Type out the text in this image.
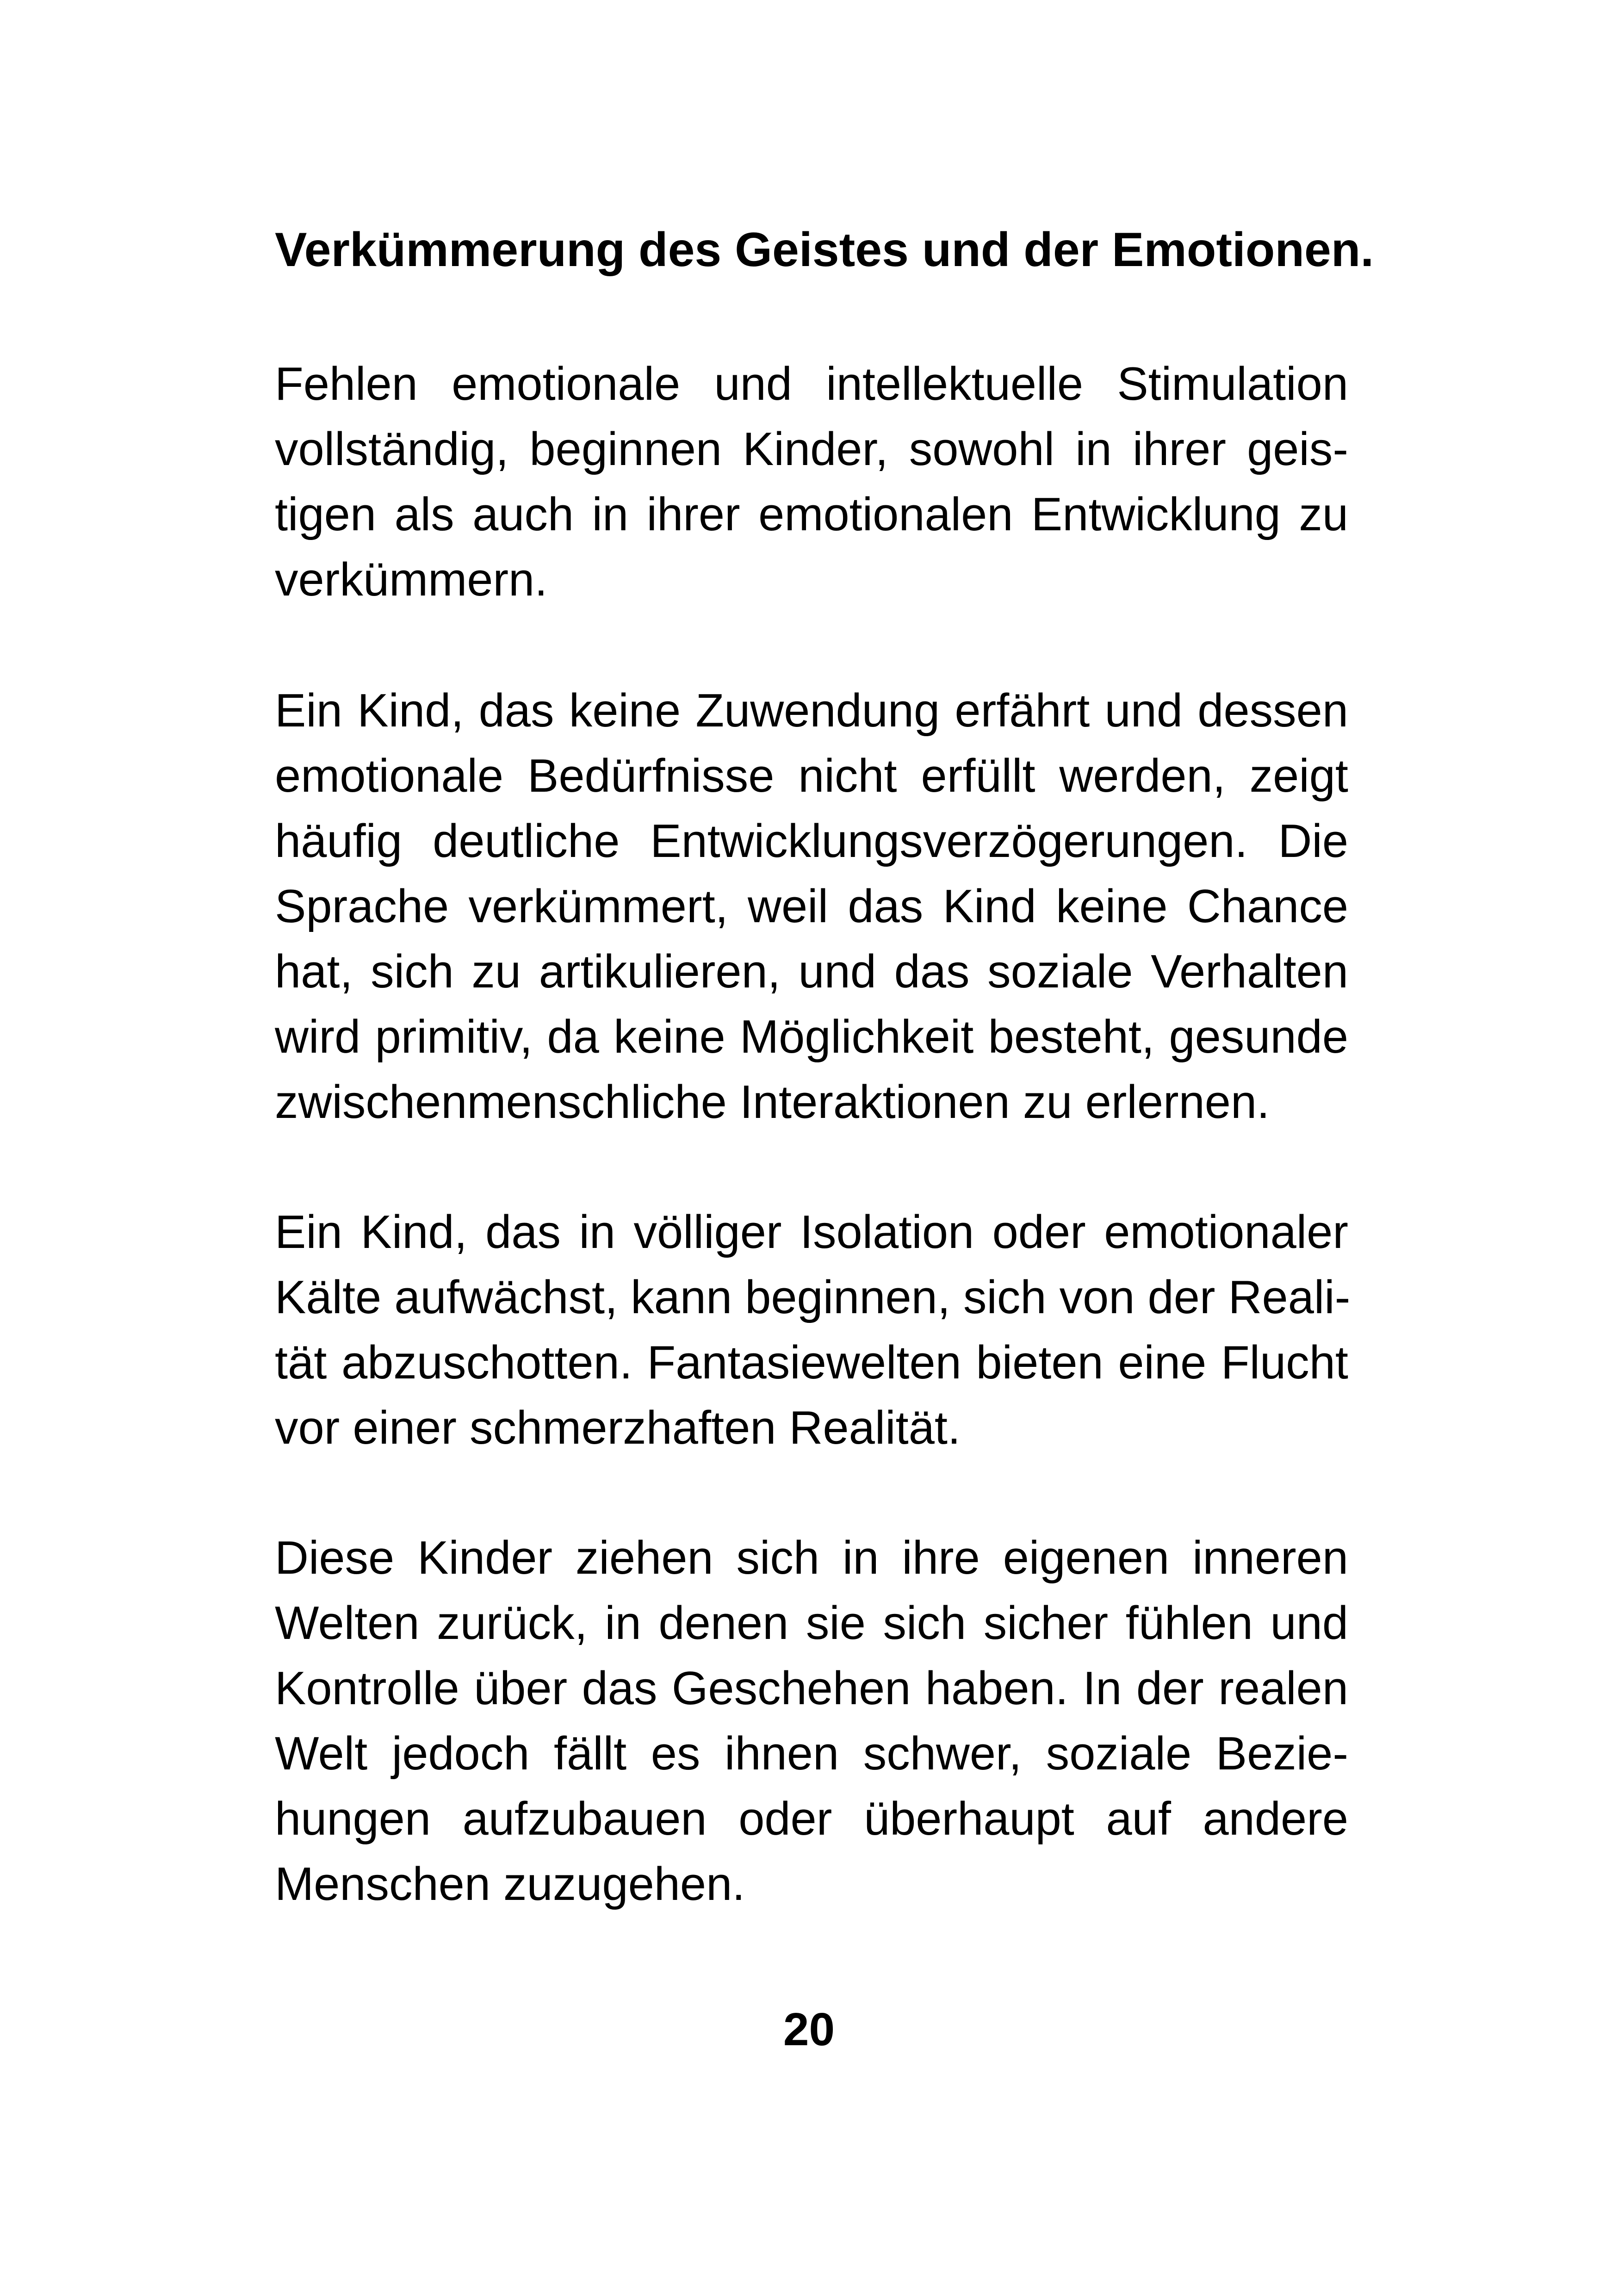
Verkümmerung des Geistes und der Emotionen.

Fehlen emotionale und intellektuelle Stimulation
vollständig, beginnen Kinder, sowohl in ihrer geis-
tigen als auch in ihrer emotionalen Entwicklung zu
verkümmern.

Ein Kind, das keine Zuwendung erfährt und dessen
emotionale Bedürfnisse nicht erfüllt werden, zeigt
häufig deutliche Entwicklungsverzögerungen. Die
Sprache verkümmert, weil das Kind keine Chance
hat, sich zu artikulieren, und das soziale Verhalten
wird primitiv, da keine Möglichkeit besteht, gesunde
zwischenmenschliche Interaktionen zu erlernen.

Ein Kind, das in völliger Isolation oder emotionaler
Kälte aufwächst, kann beginnen, sich von der Reali-
tät abzuschotten. Fantasiewelten bieten eine Flucht
vor einer schmerzhaften Realität.

Diese Kinder ziehen sich in ihre eigenen inneren
Welten zurück, in denen sie sich sicher fühlen und
Kontrolle über das Geschehen haben. In der realen
Welt jedoch fällt es ihnen schwer, soziale Bezie-
hungen aufzubauen oder überhaupt auf andere
Menschen zuzugehen.

20
